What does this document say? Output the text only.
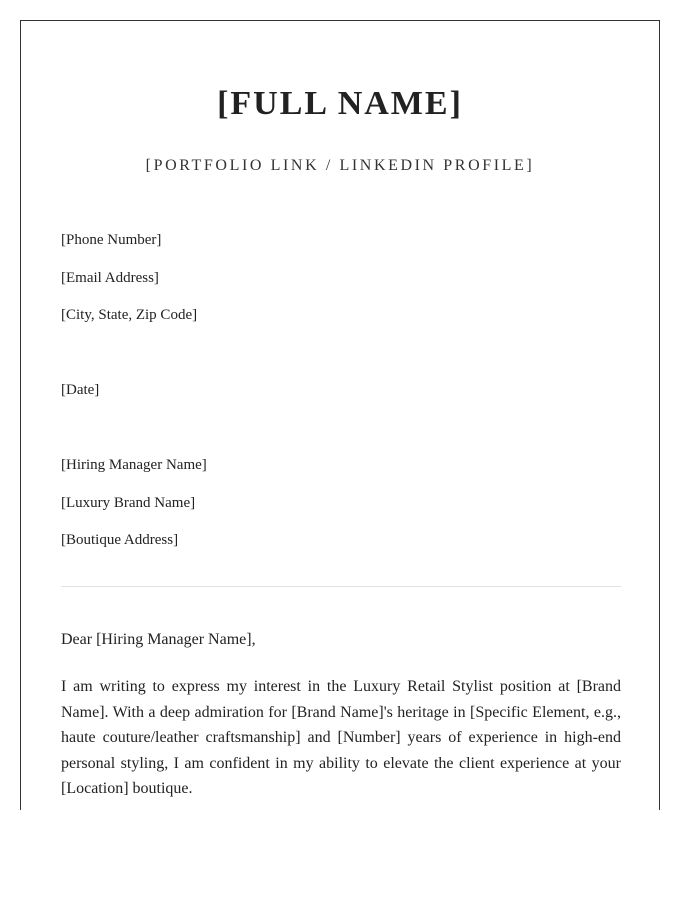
[FULL NAME]

[PORTFOLIO LINK / LINKEDIN PROFILE]

[Phone Number]
[Email Address]
[City, State, Zip Code]
[Date]
[Hiring Manager Name]
[Luxury Brand Name]
[Boutique Address]
Dear [Hiring Manager Name],

I am writing to express my interest in the Luxury Retail Stylist position at [Brand Name]. With a deep admiration for [Brand Name]'s heritage in [Specific Element, e.g., haute couture/leather craftsmanship] and [Number] years of experience in high-end personal styling, I am confident in my ability to elevate the client experience at your [Location] boutique.
